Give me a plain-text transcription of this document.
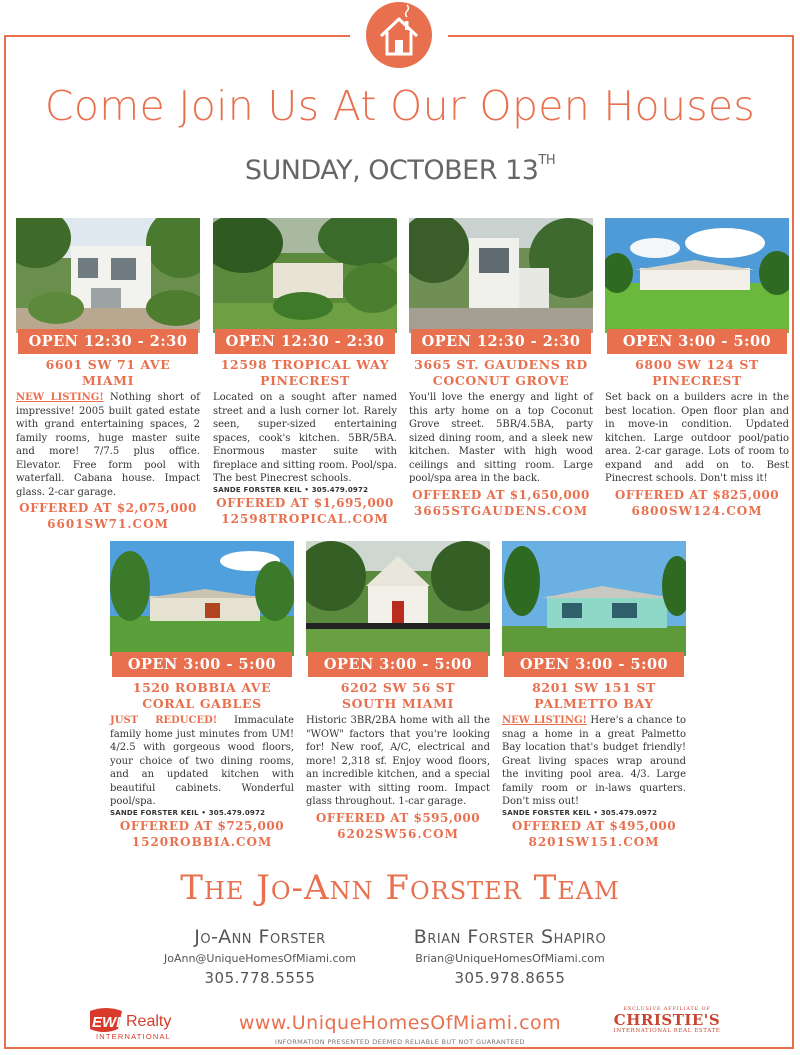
Come Join Us At Our Open Houses
SUNDAY, OCTOBER 13TH
OPEN 12:30 - 2:30
6601 SW 71 AVE
MIAMI
NEW LISTING! Nothing short of impressive! 2005 built gated estate with grand entertaining spaces, 2 family rooms, huge master suite and more! 7/7.5 plus office. Elevator. Free form pool with waterfall. Cabana house. Impact glass. 2-car garage.
OFFERED AT $2,075,000
6601SW71.COM
OPEN 12:30 - 2:30
12598 TROPICAL WAY
PINECREST
Located on a sought after named street and a lush corner lot. Rarely seen, super-sized entertaining spaces, cook's kitchen. 5BR/5BA. Enormous master suite with fireplace and sitting room. Pool/spa. The best Pinecrest schools.
SANDE FORSTER KEIL • 305.479.0972
OFFERED AT $1,695,000
12598TROPICAL.COM
OPEN 12:30 - 2:30
3665 ST. GAUDENS RD
COCONUT GROVE
You'll love the energy and light of this arty home on a top Coconut Grove street. 5BR/4.5BA, party sized dining room, and a sleek new kitchen. Master with high wood ceilings and sitting room. Large pool/spa area in the back.
OFFERED AT $1,650,000
3665STGAUDENS.COM
OPEN 3:00 - 5:00
6800 SW 124 ST
PINECREST
Set back on a builders acre in the best location. Open floor plan and in move-in condition. Updated kitchen. Large outdoor pool/patio area. 2-car garage. Lots of room to expand and add on to. Best Pinecrest schools. Don't miss it!
OFFERED AT $825,000
6800SW124.COM
OPEN 3:00 - 5:00
1520 ROBBIA AVE
CORAL GABLES
JUST REDUCED! Immaculate family home just minutes from UM! 4/2.5 with gorgeous wood floors, your choice of two dining rooms, and an updated kitchen with beautiful cabinets. Wonderful pool/spa.
SANDE FORSTER KEIL • 305.479.0972
OFFERED AT $725,000
1520ROBBIA.COM
OPEN 3:00 - 5:00
6202 SW 56 ST
SOUTH MIAMI
Historic 3BR/2BA home with all the "WOW" factors that you're looking for! New roof, A/C, electrical and more! 2,318 sf. Enjoy wood floors, an incredible kitchen, and a special master with sitting room. Impact glass throughout. 1-car garage.
OFFERED AT $595,000
6202SW56.COM
OPEN 3:00 - 5:00
8201 SW 151 ST
PALMETTO BAY
NEW LISTING! Here's a chance to snag a home in a great Palmetto Bay location that's budget friendly! Great living spaces wrap around the inviting pool area. 4/3. Large family room or in-laws quarters. Don't miss out!
SANDE FORSTER KEIL • 305.479.0972
OFFERED AT $495,000
8201SW151.COM
The Jo-Ann Forster Team
Jo-Ann Forster
JoAnn@UniqueHomesOfMiami.com
305.778.5555
Brian Forster Shapiro
Brian@UniqueHomesOfMiami.com
305.978.8655
EWM
Realty
INTERNATIONAL
www.UniqueHomesOfMiami.com
INFORMATION PRESENTED DEEMED RELIABLE BUT NOT GUARANTEED
EXCLUSIVE AFFILIATE OF
CHRISTIE'S
INTERNATIONAL REAL ESTATE
